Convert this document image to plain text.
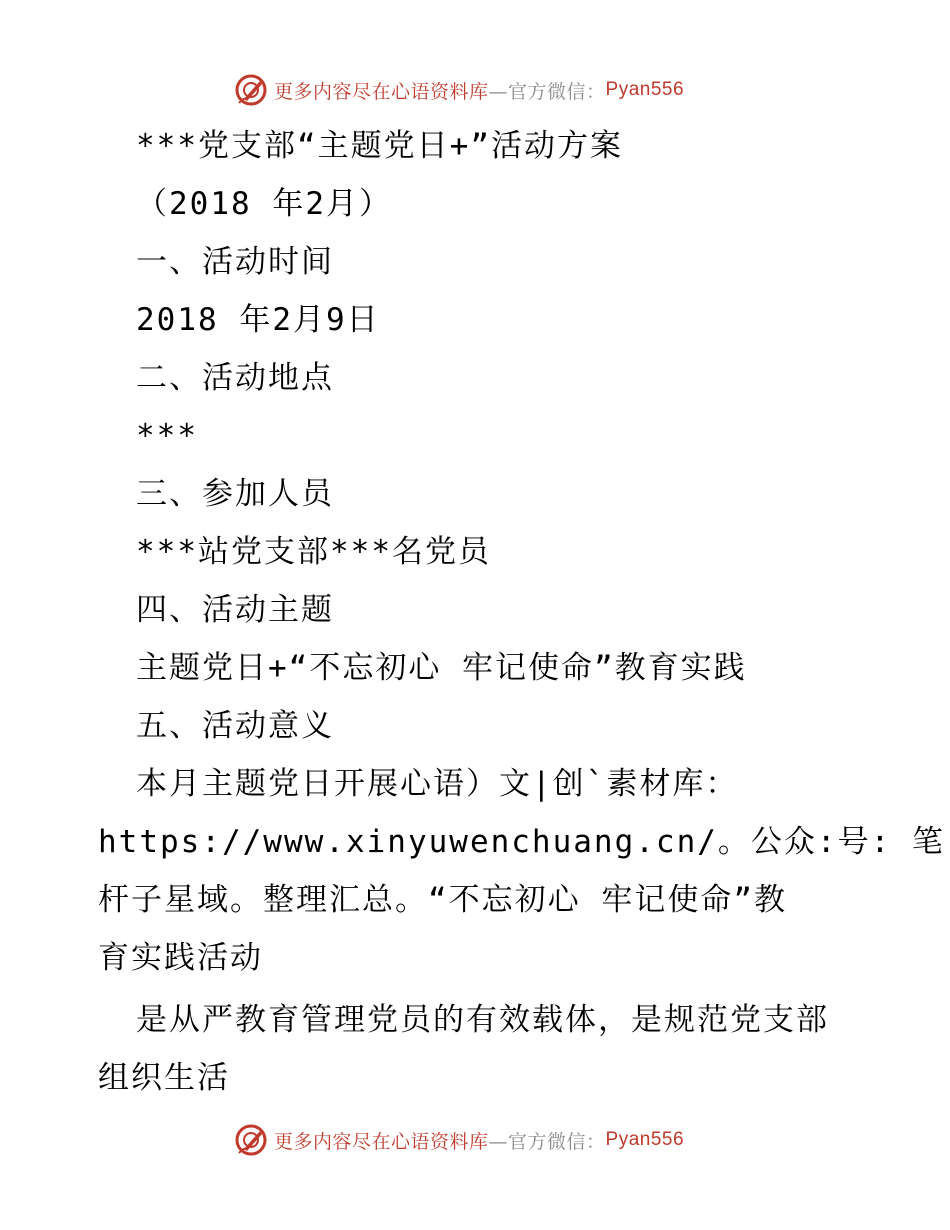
更多内容尽在心语资料库 —官方微信： Pyan556
***党支部“主题党日+”活动方案
（2018 年2月）
一、活动时间
2018 年2月9日
二、活动地点
***
三、参加人员
***站党支部***名党员
四、活动主题
主题党日+“不忘初心 牢记使命”教育实践
五、活动意义
本月主题党日开展心语）文|创`素材库：
https://www.xinyuwenchuang.cn/。公众:号: 笔
杆子星域。整理汇总。“不忘初心 牢记使命”教
育实践活动
是从严教育管理党员的有效载体，是规范党支部
组织生活
更多内容尽在心语资料库 —官方微信： Pyan556
